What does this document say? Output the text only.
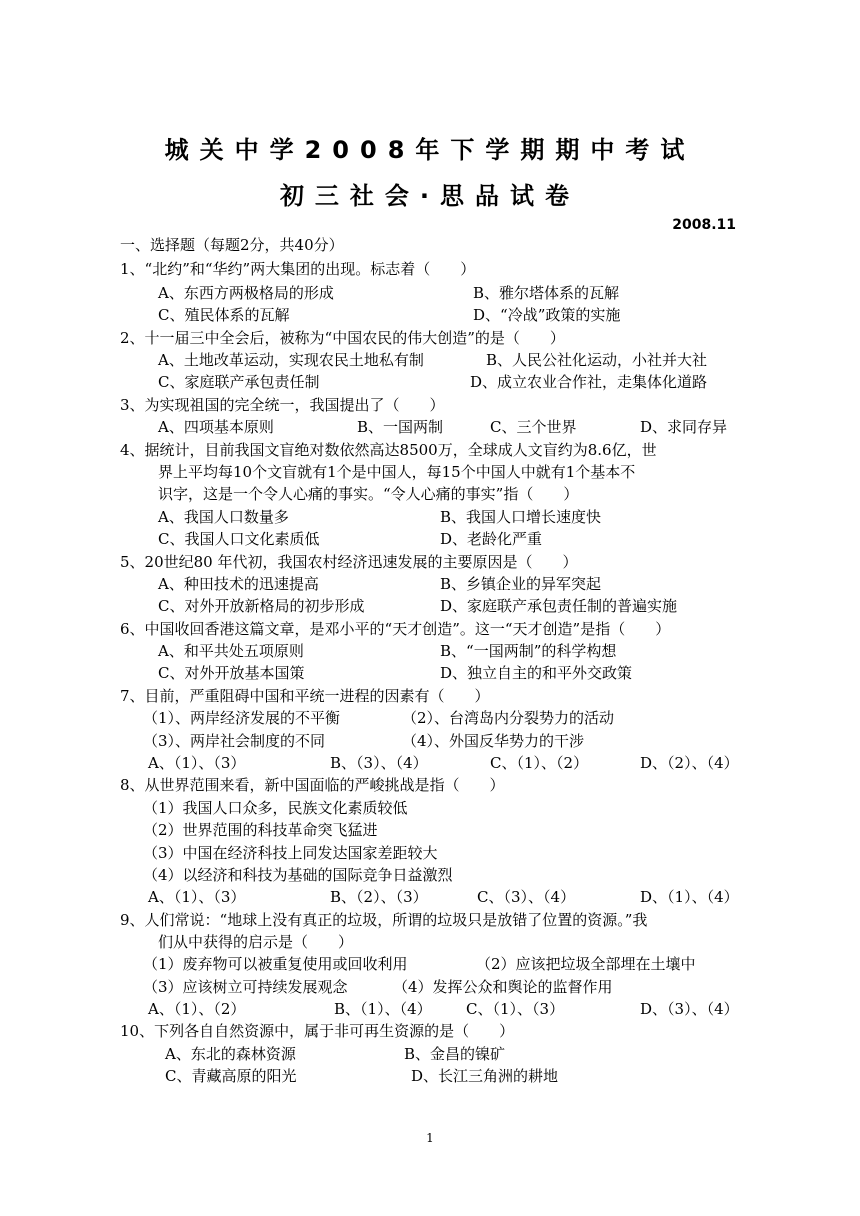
城关中学2008年下学期期中考试
初三社会·思品试卷
2008.11
一、选择题（每题2分，共40分）
1、“北约”和“华约”两大集团的出现。标志着（　　）
A、东西方两极格局的形成	B、雅尔塔体系的瓦解
C、殖民体系的瓦解	D、“冷战”政策的实施
2、十一届三中全会后，被称为“中国农民的伟大创造”的是（　　）
A、土地改革运动，实现农民土地私有制	B、人民公社化运动，小社并大社
C、家庭联产承包责任制	D、成立农业合作社，走集体化道路
3、为实现祖国的完全统一，我国提出了（　　）
A、四项基本原则	B、一国两制	C、三个世界	D、求同存异
4、据统计，目前我国文盲绝对数依然高达8500万，全球成人文盲约为8.6亿，世
界上平均每10个文盲就有1个是中国人，每15个中国人中就有1个基本不
识字，这是一个令人心痛的事实。“令人心痛的事实”指（　　）
A、我国人口数量多	B、我国人口增长速度快
C、我国人口文化素质低	D、老龄化严重
5、20世纪80 年代初，我国农村经济迅速发展的主要原因是（　　）
A、种田技术的迅速提高	B、乡镇企业的异军突起
C、对外开放新格局的初步形成	D、家庭联产承包责任制的普遍实施
6、中国收回香港这篇文章，是邓小平的“天才创造”。这一“天才创造”是指（　　）
A、和平共处五项原则	B、“一国两制”的科学构想
C、对外开放基本国策	D、独立自主的和平外交政策
7、目前，严重阻碍中国和平统一进程的因素有（　　）
（1）、两岸经济发展的不平衡	（2）、台湾岛内分裂势力的活动
（3）、两岸社会制度的不同	（4）、外国反华势力的干涉
A、（1）、（3）	B、（3）、（4）	C、（1）、（2）	D、（2）、（4）
8、从世界范围来看，新中国面临的严峻挑战是指（　　）
（1）我国人口众多，民族文化素质较低
（2）世界范围的科技革命突飞猛进
（3）中国在经济科技上同发达国家差距较大
（4）以经济和科技为基础的国际竞争日益激烈
A、（1）、（3）	B、（2）、（3）	C、（3）、（4）	D、（1）、（4）
9、人们常说：“地球上没有真正的垃圾，所谓的垃圾只是放错了位置的资源。”我
们从中获得的启示是（　　）
（1）废弃物可以被重复使用或回收利用	（2）应该把垃圾全部埋在土壤中
（3）应该树立可持续发展观念	（4）发挥公众和舆论的监督作用
A、（1）、（2）	B、（1）、（4） C、（1）、（3）	D、（3）、（4）
10、下列各自自然资源中，属于非可再生资源的是（　　）
A、东北的森林资源	B、金昌的镍矿
C、青藏高原的阳光	D、长江三角洲的耕地
1
